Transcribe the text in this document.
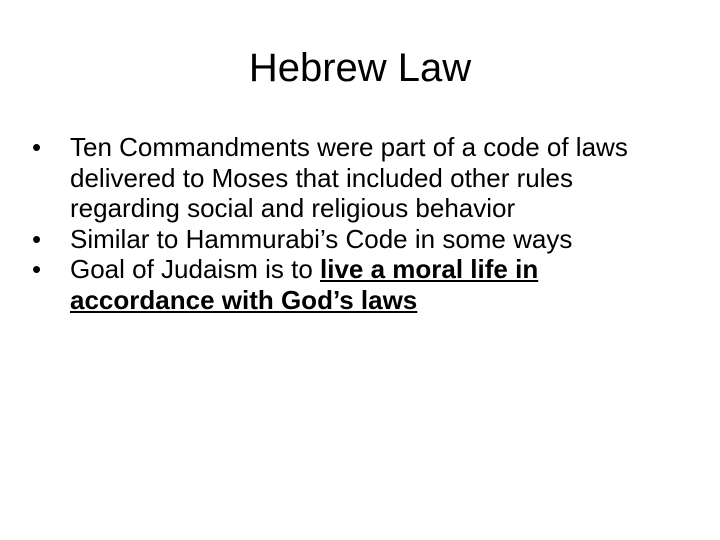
Hebrew Law
•	Ten Commandments were part of a code of laws delivered to Moses that included other rules regarding social and religious behavior
•	Similar to Hammurabi’s Code in some ways
•	Goal of Judaism is to live a moral life in accordance with God’s laws
